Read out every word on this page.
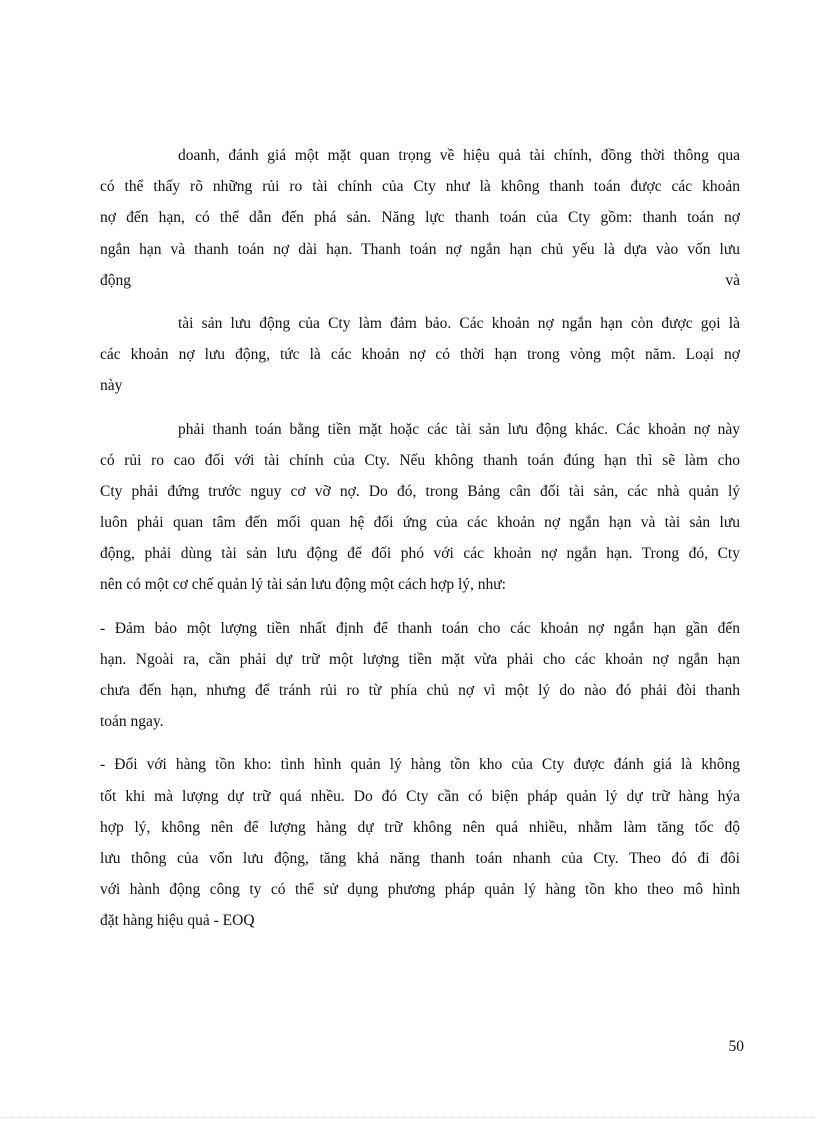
doanh, đánh giá một mặt quan trọng về hiệu quả tài chính, đồng thời thông qua
có thể thấy rõ những rủi ro tài chính của Cty như là không thanh toán được các khoản
nợ đến hạn, có thể dẫn đến phá sản. Năng lực thanh toán của Cty gồm: thanh toán nợ
ngắn hạn và thanh toán nợ dài hạn. Thanh toán nợ ngắn hạn chủ yếu là dựa vào vốn lưu
động                                                                                          và
tài sản lưu động của Cty làm đảm bảo. Các khoản nợ ngắn hạn còn được gọi là
các khoản nợ lưu động, tức là các khoản nợ có thời hạn trong vòng một năm. Loại nợ
này
phải thanh toán bằng tiền mặt hoặc các tài sản lưu động khác. Các khoản nợ này
có rủi ro cao đối với tài chính của Cty. Nếu không thanh toán đúng hạn thì sẽ làm cho
Cty phải đứng trước nguy cơ vỡ nợ. Do đó, trong Bảng cân đối tài sản, các nhà quản lý
luôn phải quan tâm đến mối quan hệ đối ứng của các khoản nợ ngắn hạn và tài sản lưu
động, phải dùng tài sản lưu động để đối phó với các khoản nợ ngắn hạn. Trong đó, Cty
nên có một cơ chế quản lý tài sản lưu động một cách hợp lý, như:
- Đảm bảo một lượng tiền nhất định để thanh toán cho các khoản nợ ngắn hạn gần đến
hạn. Ngoài ra, cần phải dự trữ một lượng tiền mặt vừa phải cho các khoản nợ ngắn hạn
chưa đến hạn, nhưng để tránh rủi ro từ phía chủ nợ vì một lý do nào đó phải đòi thanh
toán ngay.
- Đối với hàng tồn kho: tình hình quản lý hàng tồn kho của Cty được đánh giá là không
tốt khi mà lượng dự trữ quá nhều. Do đó Cty cần có biện pháp quản lý dự trữ hàng hýa
hợp lý, không nên để lượng hàng dự trữ không nên quá nhiều, nhằm làm tăng tốc độ
lưu thông của vốn lưu động, tăng khả năng thanh toán nhanh của Cty. Theo đó đi đôi
với hành động công ty có thể sử dụng phương pháp quản lý hàng tồn kho theo mô hình
đặt hàng hiệu quả - EOQ
50
